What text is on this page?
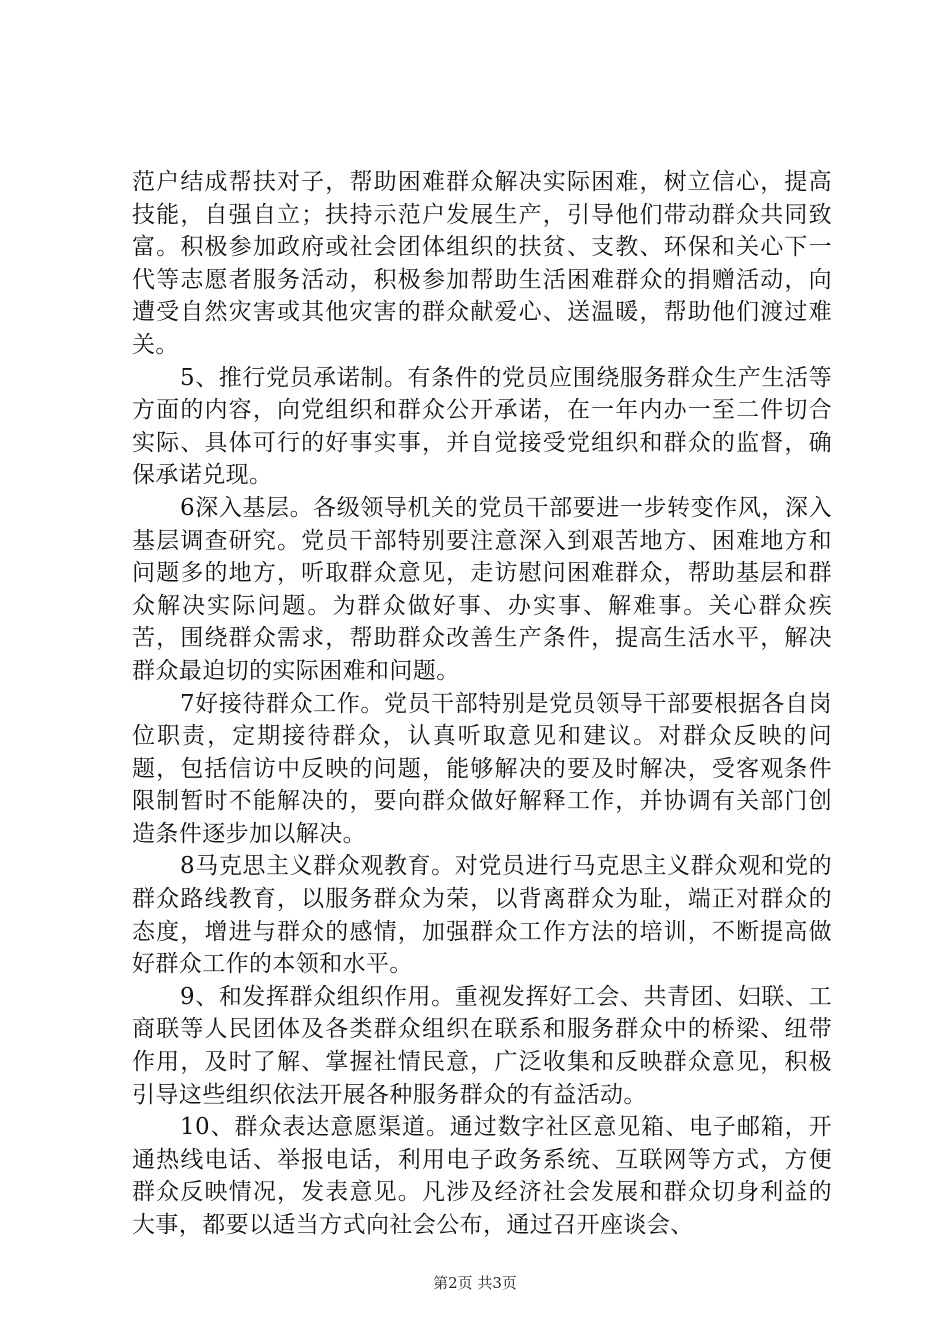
范户结成帮扶对子，帮助困难群众解决实际困难，树立信心，提高技能，自强自立；扶持示范户发展生产，引导他们带动群众共同致富。积极参加政府或社会团体组织的扶贫、支教、环保和关心下一代等志愿者服务活动，积极参加帮助生活困难群众的捐赠活动，向遭受自然灾害或其他灾害的群众献爱心、送温暖，帮助他们渡过难关。

5、推行党员承诺制。有条件的党员应围绕服务群众生产生活等方面的内容，向党组织和群众公开承诺，在一年内办一至二件切合实际、具体可行的好事实事，并自觉接受党组织和群众的监督，确保承诺兑现。

6深入基层。各级领导机关的党员干部要进一步转变作风，深入基层调查研究。党员干部特别要注意深入到艰苦地方、困难地方和问题多的地方，听取群众意见，走访慰问困难群众，帮助基层和群众解决实际问题。为群众做好事、办实事、解难事。关心群众疾苦，围绕群众需求，帮助群众改善生产条件，提高生活水平，解决群众最迫切的实际困难和问题。

7好接待群众工作。党员干部特别是党员领导干部要根据各自岗位职责，定期接待群众，认真听取意见和建议。对群众反映的问题，包括信访中反映的问题，能够解决的要及时解决，受客观条件限制暂时不能解决的，要向群众做好解释工作，并协调有关部门创造条件逐步加以解决。

8马克思主义群众观教育。对党员进行马克思主义群众观和党的群众路线教育，以服务群众为荣，以背离群众为耻，端正对群众的态度，增进与群众的感情，加强群众工作方法的培训，不断提高做好群众工作的本领和水平。

9、和发挥群众组织作用。重视发挥好工会、共青团、妇联、工商联等人民团体及各类群众组织在联系和服务群众中的桥梁、纽带作用，及时了解、掌握社情民意，广泛收集和反映群众意见，积极引导这些组织依法开展各种服务群众的有益活动。

10、群众表达意愿渠道。通过数字社区意见箱、电子邮箱，开通热线电话、举报电话，利用电子政务系统、互联网等方式，方便群众反映情况，发表意见。凡涉及经济社会发展和群众切身利益的大事，都要以适当方式向社会公布，通过召开座谈会、

第2页 共3页
